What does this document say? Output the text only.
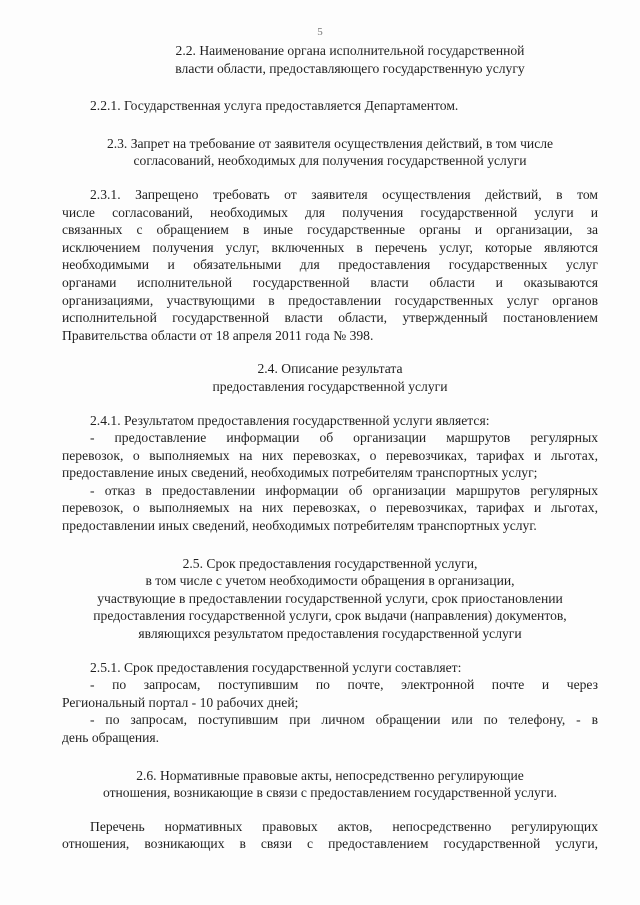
5
2.2. Наименование органа исполнительной государственной
власти области, предоставляющего государственную услугу

2.2.1. Государственная услуга предоставляется Департаментом.

2.3. Запрет на требование от заявителя осуществления действий, в том числе
согласований, необходимых для получения государственной услуги
2.3.1. Запрещено требовать от заявителя осуществления действий, в том
числе согласований, необходимых для получения государственной услуги и
связанных с обращением в иные государственные органы и организации, за
исключением получения услуг, включенных в перечень услуг, которые являются
необходимыми и обязательными для предоставления государственных услуг
органами исполнительной государственной власти области и оказываются
организациями, участвующими в предоставлении государственных услуг органов
исполнительной государственной власти области, утвержденный постановлением
Правительства области от 18 апреля 2011 года № 398.
2.4. Описание результата
предоставления государственной услуги

2.4.1. Результатом предоставления государственной услуги является:

- предоставление информации об организации маршрутов регулярных
перевозок, о выполняемых на них перевозках, о перевозчиках, тарифах и льготах,
предоставление иных сведений, необходимых потребителям транспортных услуг;
- отказ в предоставлении информации об организации маршрутов регулярных
перевозок, о выполняемых на них перевозках, о перевозчиках, тарифах и льготах,
предоставлении иных сведений, необходимых потребителям транспортных услуг.
2.5. Срок предоставления государственной услуги,
в том числе с учетом необходимости обращения в организации,
участвующие в предоставлении государственной услуги, срок приостановлении
предоставления государственной услуги, срок выдачи (направления) документов,
являющихся результатом предоставления государственной услуги

2.5.1. Срок предоставления государственной услуги составляет:

- по запросам, поступившим по почте, электронной почте и через
Региональный портал - 10 рабочих дней;
- по запросам, поступившим при личном обращении или по телефону, - в
день обращения.
2.6. Нормативные правовые акты, непосредственно регулирующие
отношения, возникающие в связи с предоставлением государственной услуги.
Перечень нормативных правовых актов, непосредственно регулирующих
отношения, возникающих в связи с предоставлением государственной услуги,
